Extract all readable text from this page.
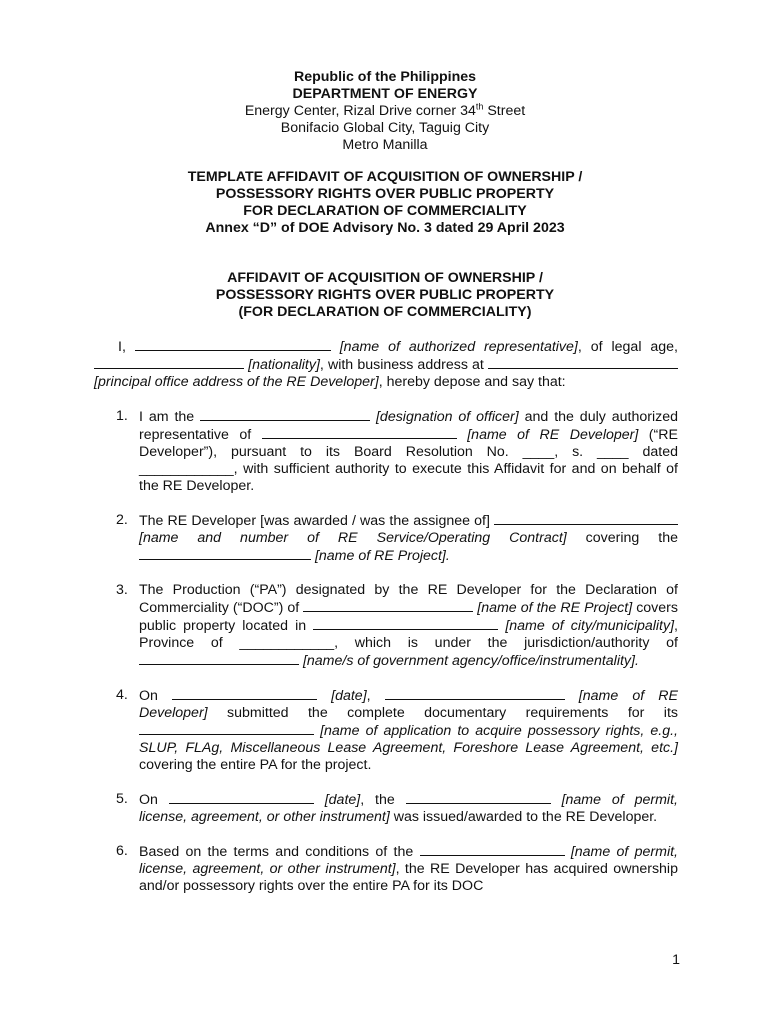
Republic of the Philippines
DEPARTMENT OF ENERGY
Energy Center, Rizal Drive corner 34th Street
Bonifacio Global City, Taguig City
Metro Manilla
TEMPLATE AFFIDAVIT OF ACQUISITION OF OWNERSHIP /
POSSESSORY RIGHTS OVER PUBLIC PROPERTY
FOR DECLARATION OF COMMERCIALITY
Annex “D” of DOE Advisory No. 3 dated 29 April 2023
AFFIDAVIT OF ACQUISITION OF OWNERSHIP /
POSSESSORY RIGHTS OVER PUBLIC PROPERTY
(FOR DECLARATION OF COMMERCIALITY)

I,	[name of authorized representative], of legal age,  [nationality], with business address at  [principal office address of the RE Developer], hereby depose and say that:

1. I am the	[designation of officer] and the duly authorized representative of	[name of RE Developer] (“RE Developer”), pursuant to its Board Resolution No. ____, s. ____ dated ____________, with sufficient authority to execute this Affidavit for and on behalf of the RE Developer.
2. The RE Developer [was awarded / was the assignee of]  [name and number of RE Service/Operating Contract] covering the  [name of RE Project].
3. The Production (“PA”) designated by the RE Developer for the Declaration of Commerciality (“DOC”) of	[name of the RE Project] covers public property located in	[name of city/municipality], Province of ____________, which is under the jurisdiction/authority of  [name/s of government agency/office/instrumentality].
4. On	[date],	[name of RE Developer] submitted the complete documentary requirements for its  [name of application to acquire possessory rights, e.g., SLUP, FLAg, Miscellaneous Lease Agreement, Foreshore Lease Agreement, etc.] covering the entire PA for the project.
5. On	[date], the	[name of permit, license, agreement, or other instrument] was issued/awarded to the RE Developer.
6. Based on the terms and conditions of the	[name of permit, license, agreement, or other instrument], the RE Developer has acquired ownership and/or possessory rights over the entire PA for its DOC
1
